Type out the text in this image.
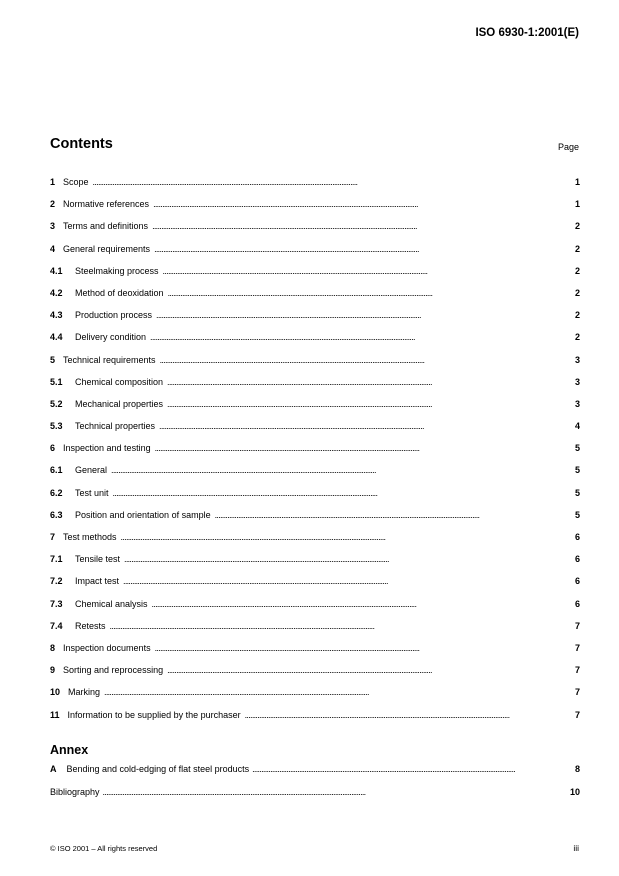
ISO 6930-1:2001(E)
Contents	Page
1 Scope . . .	1
2 Normative references . . .	1
3 Terms and definitions . . .	2
4 General requirements . . .	2
4.1	Steelmaking process . . .	2
4.2	Method of deoxidation . . .	2
4.3	Production process . . .	2
4.4	Delivery condition . . .	2
5 Technical requirements . . .	3
5.1	Chemical composition . . .	3
5.2	Mechanical properties . . .	3
5.3	Technical properties . . .	4
6 Inspection and testing . . .	5
6.1	General . . .	5
6.2	Test unit . . .	5
6.3	Position and orientation of sample . . .	5
7 Test methods . . .	6
7.1	Tensile test . . .	6
7.2	Impact test . . .	6
7.3	Chemical analysis . . .	6
7.4	Retests . . .	7
8 Inspection documents . . .	7
9 Sorting and reprocessing . . .	7
10 Marking . . .	7
11 Information to be supplied by the purchaser . . .	7
Annex
A Bending and cold-edging of flat steel products . . .	8
Bibliography . . .	10
© ISO 2001 – All rights reserved	iii
